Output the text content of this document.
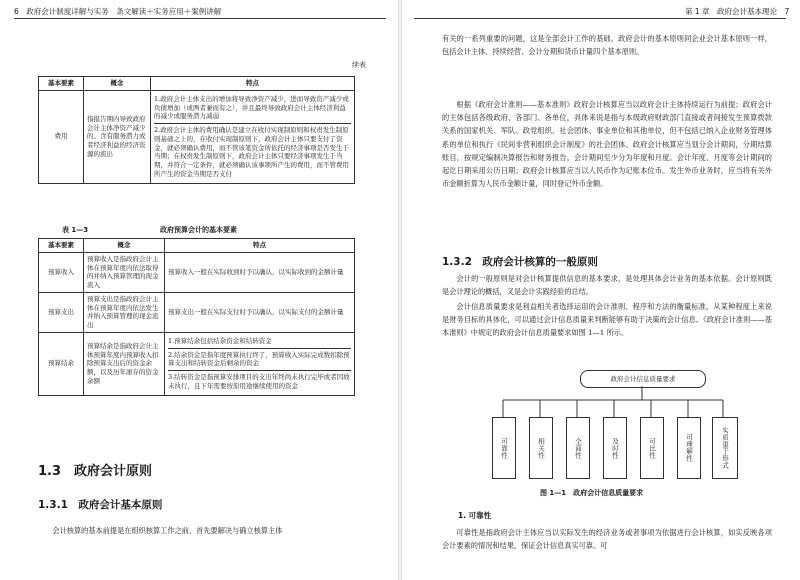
6　政府会计制度详解与实务　条文解读＋实务应用＋案例讲解
续表
基本要素	概念	特点
费用	指报告期内导致政府会计主体净资产减少的、含有服务潜力或者经济利益的经济资源的流出	1.政府会计主体支出的增加将导致净资产减少，进而导致资产减少或负债增加（或两者兼而有之），并且最终导致政府会计主体经济利益的减少或服务潜力减弱
2.政府会计主体的费用确认是建立在收付实现制原则和权责发生制原则基础之上的，在收付实现制原则下，政府会计主体只要支付了资金，就必须确认费用，而不管该笔资金所依托的经济事项是否发生于当期；在权责发生制原则下，政府会计主体只要经济事项发生于当期，并符合一定条件，就必须确认该事项所产生的费用，而不管费用所产生的资金当期是否支付
表 1—3	政府预算会计的基本要素
基本要素	概念	特点
预算收入	预算收入是指政府会计主体在预算年度内依法取得的并纳入预算管理的现金流入	预算收入一般在实际收到时予以确认，以实际收到的金额计量
预算支出	预算支出是指政府会计主体在预算年度内依法发生并纳入预算管理的现金流出	预算支出一般在实际支付时予以确认，以实际支付的金额计量
预算结余	预算结余是指政府会计主体预算年度内预算收入扣除预算支出后的资金余额，以及历年滚存的资金余额	1.预算结余包括结余资金和结转资金
2.结余资金是指年度预算执行终了，预算收入实际完成数扣除预算支出和结转资金后剩余的资金
3.结转资金是指预算安排项目的支出年终尚未执行完毕或者因故未执行，且下年需要按原用途继续使用的资金
1.3　政府会计原则
1.3.1　政府会计基本原则
会计核算的基本前提是在组织核算工作之前，首先要解决与确立核算主体
第 1 章　政府会计基本理论　7
有关的一系列重要的问题，这是全部会计工作的基础。政府会计的基本原则同企业会计基本原则一样，包括会计主体、持续经营、会计分期和货币计量四个基本原则。
根据《政府会计准则——基本准则》政府会计核算应当以政府会计主体持续运行为前提；政府会计的主体包括各级政府、各部门、各单位，具体来说是指与本级政府财政部门直接或者间接发生预算拨款关系的国家机关、军队、政党组织、社会团体、事业单位和其他单位，但不包括已纳入企业财务管理体系的单位和执行《民间非营利组织会计制度》的社会团体。政府会计核算应当划分会计期间，分期结算账目，按规定编制决算报告和财务报告。会计期间至少分为年度和月度。会计年度、月度等会计期间的起讫日期采用公历日期；政府会计核算应当以人民币作为记账本位币。发生外币业务时，应当将有关外币金额折算为人民币金额计量，同时登记外币金额。
1.3.2　政府会计核算的一般原则
会计的一般原则是对会计核算提供信息的基本要求，是处理具体会计业务的基本依据。会计原则既是会计理论的概括，又是会计实践经验的总结。
会计信息质量要求是利益相关者选择运用的会计准则、程序和方法的衡量标准，从某种程度上来说是财务目标的具体化，可以通过会计信息质量来判断能够有助于决策的会计信息。《政府会计准则——基本准则》中规定的政府会计信息质量要求如图 1—1 所示。
政府会计信息质量要求
可靠性	相关性	全面性	及时性	可比性	可理解性	实质重于形式
图 1—1　政府会计信息质量要求
1. 可靠性
可靠性是指政府会计主体应当以实际发生的经济业务或者事项为依据进行会计核算，如实反映各项会计要素的情况和结果，保证会计信息真实可靠。可
